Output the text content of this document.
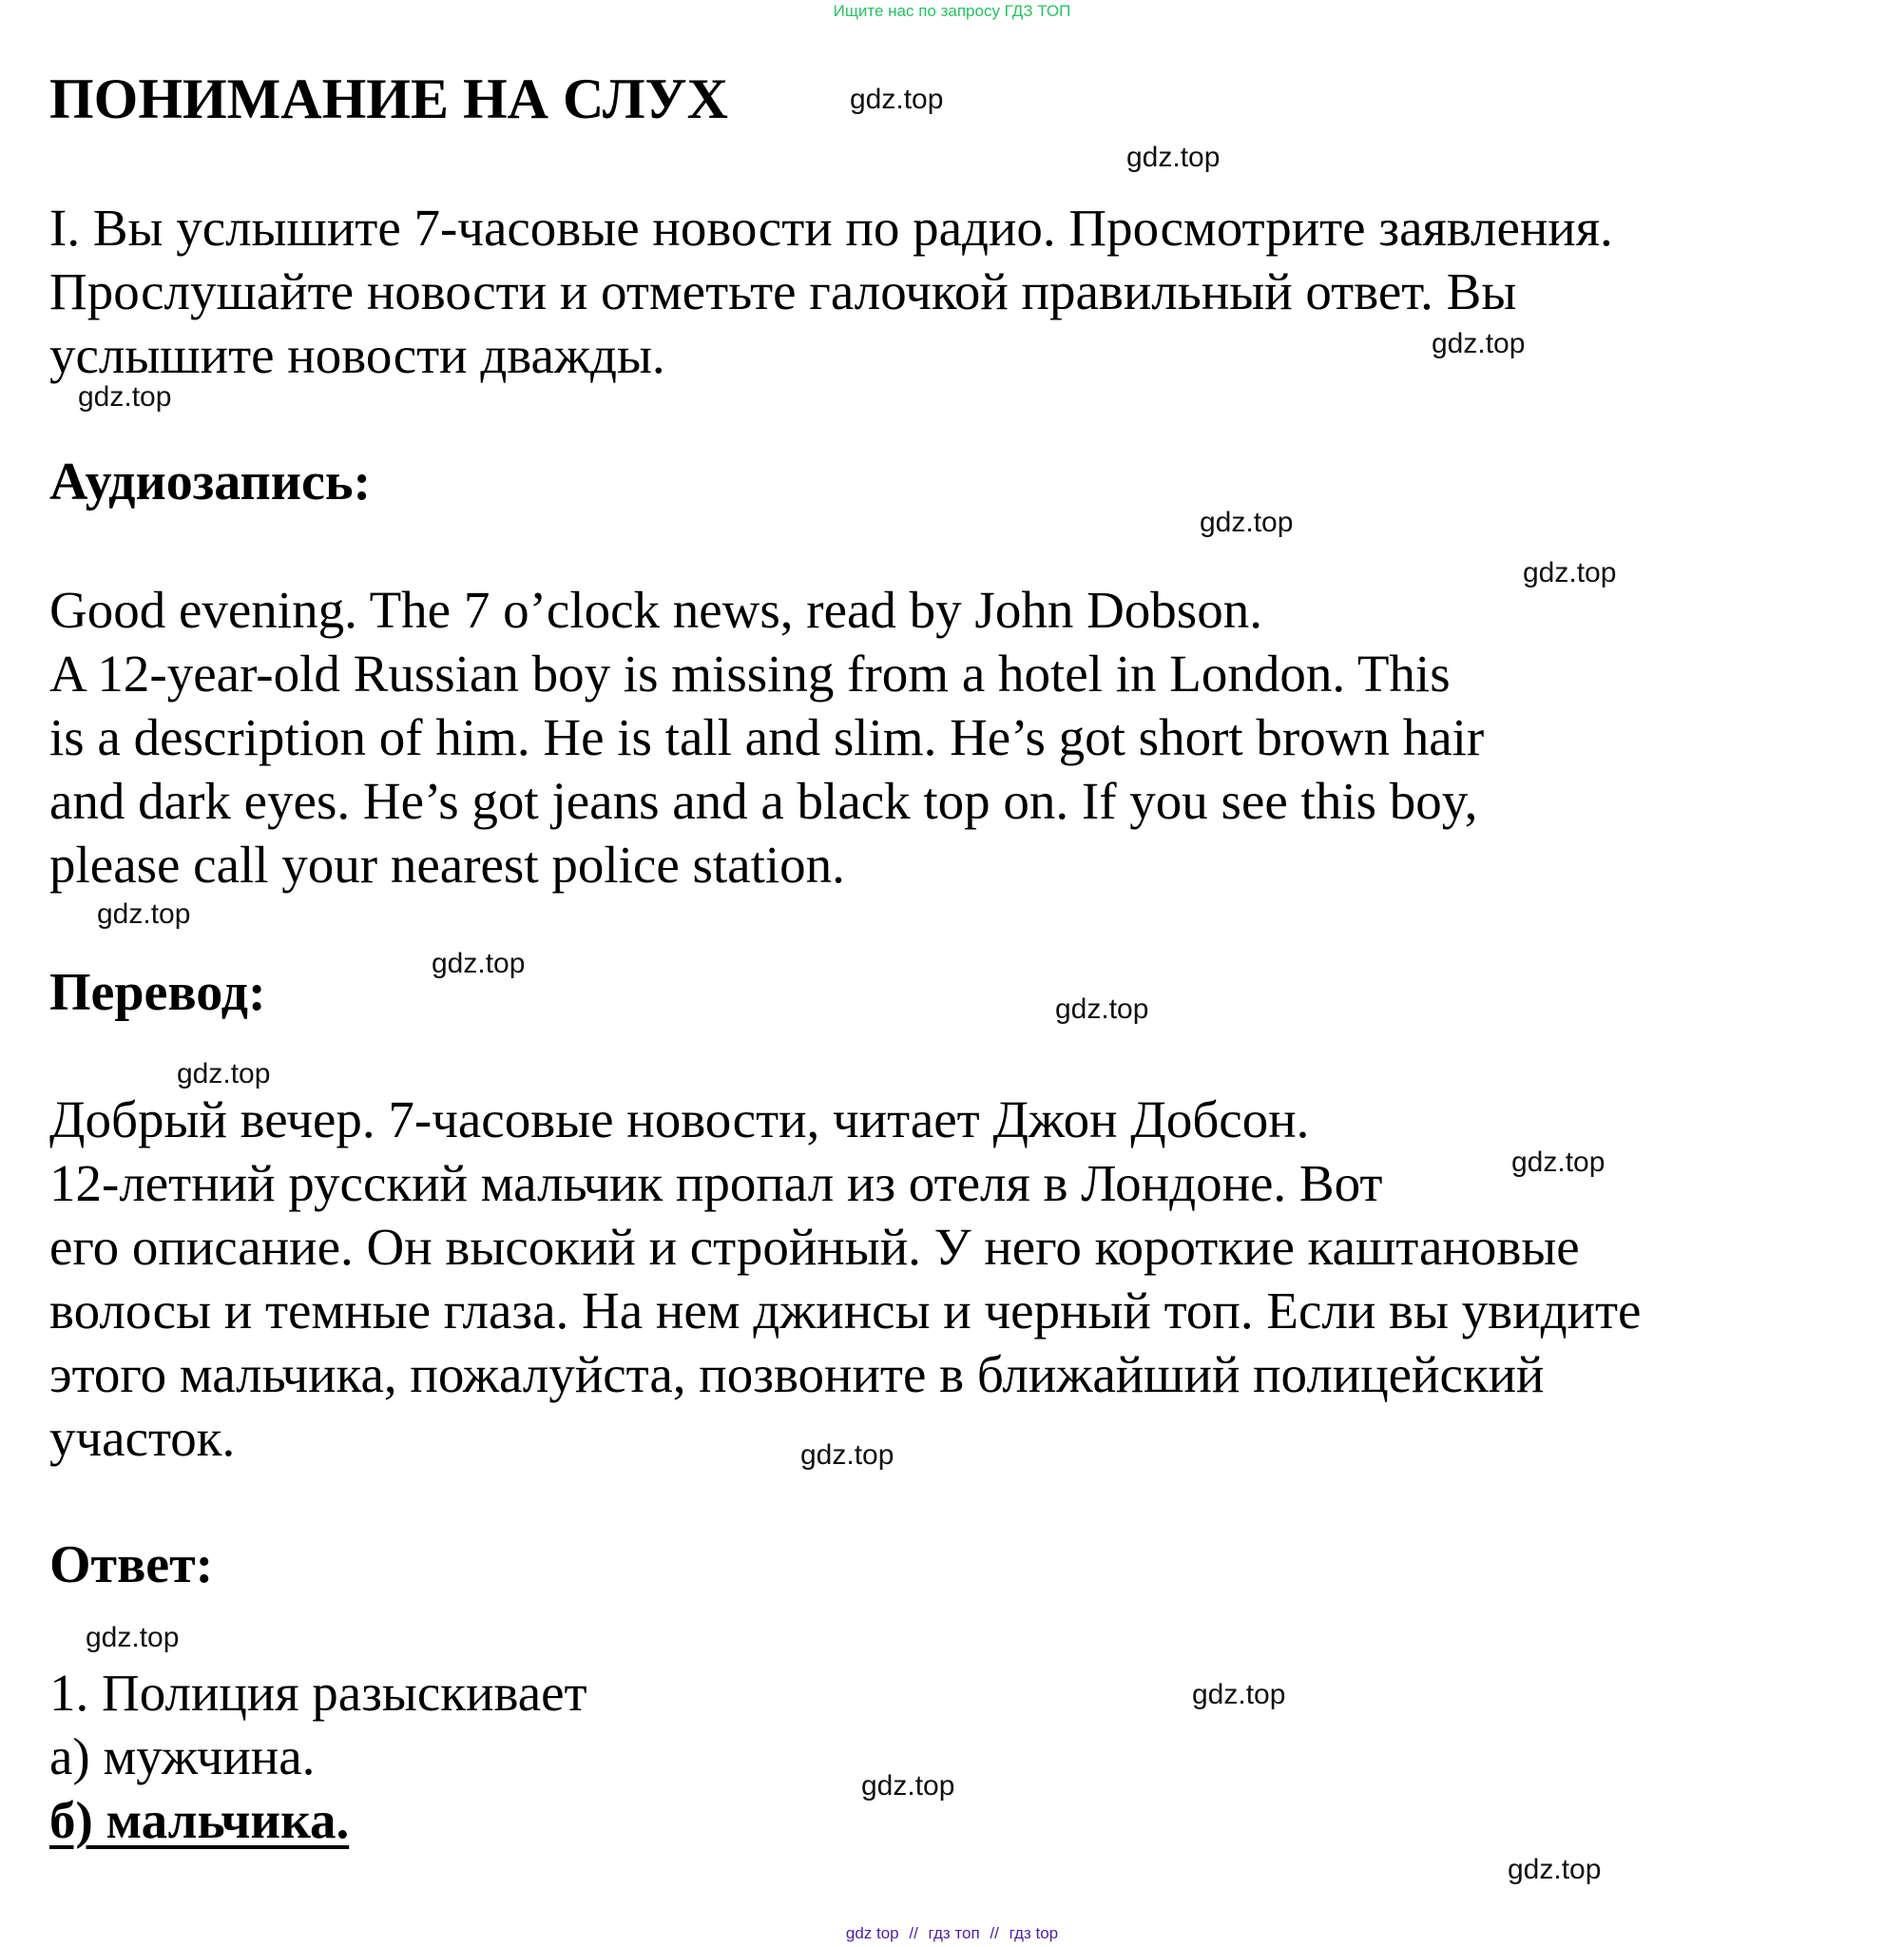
Ищите нас по запросу ГДЗ ТОП
ПОНИМАНИЕ НА СЛУХ
I. Вы услышите 7-часовые новости по радио. Просмотрите заявления.
Прослушайте новости и отметьте галочкой правильный ответ. Вы
услышите новости дважды.
Аудиозапись:
Good evening. The 7 o’clock news, read by John Dobson.
A 12-year-old Russian boy is missing from a hotel in London. This
is a description of him. He is tall and slim. He’s got short brown hair
and dark eyes. He’s got jeans and a black top on. If you see this boy,
please call your nearest police station.
Перевод:
Добрый вечер. 7-часовые новости, читает Джон Добсон.
12-летний русский мальчик пропал из отеля в Лондоне. Вот
его описание. Он высокий и стройный. У него короткие каштановые
волосы и темные глаза. На нем джинсы и черный топ. Если вы увидите
этого мальчика, пожалуйста, позвоните в ближайший полицейский
участок.
Ответ:
1. Полиция разыскивает
а) мужчина.
б) мальчика.
gdz.top
gdz.top
gdz.top
gdz.top
gdz.top
gdz.top
gdz.top
gdz.top
gdz.top
gdz.top
gdz.top
gdz.top
gdz.top
gdz.top
gdz.top
gdz.top
gdz top // гдз топ // гдз top
